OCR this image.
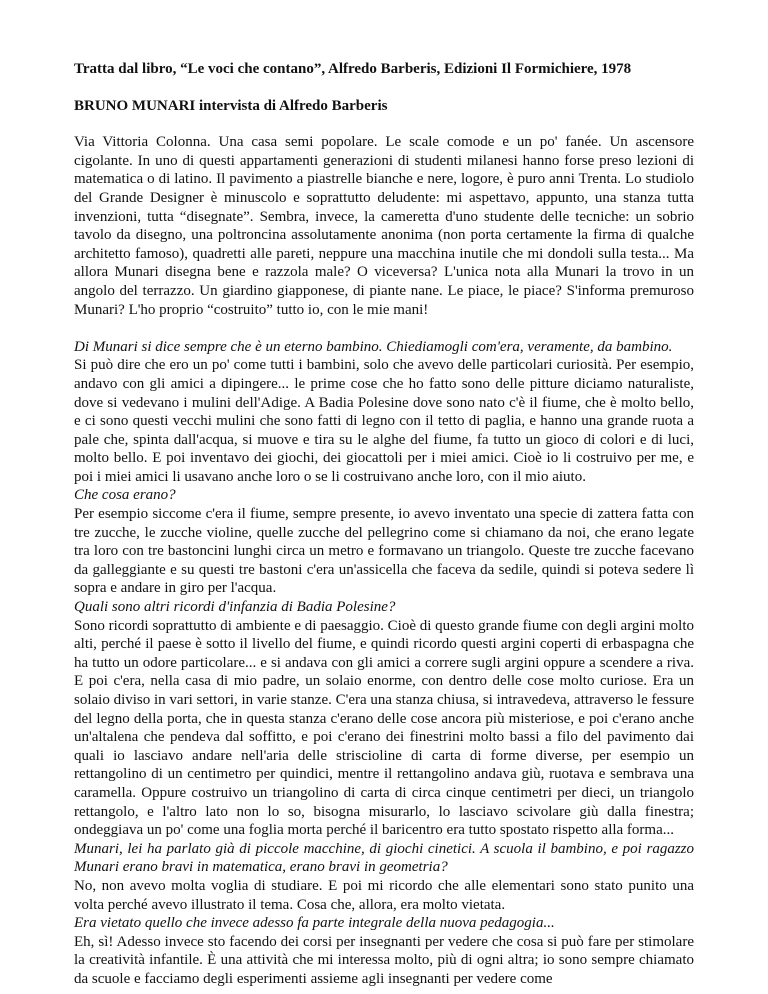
Tratta dal libro, “Le voci che contano”, Alfredo Barberis, Edizioni Il Formichiere, 1978

BRUNO MUNARI intervista di Alfredo Barberis

Via Vittoria Colonna. Una casa semi popolare. Le scale comode e un po' fanée. Un ascensore cigolante. In uno di questi appartamenti generazioni di studenti milanesi hanno forse preso lezioni di matematica o di latino. Il pavimento a piastrelle bianche e nere, logore, è puro anni Trenta. Lo studiolo del Grande Designer è minuscolo e soprattutto deludente: mi aspettavo, appunto, una stanza tutta invenzioni, tutta “disegnate”. Sembra, invece, la cameretta d'uno studente delle tecniche: un sobrio tavolo da disegno, una poltroncina assolutamente anonima (non porta certamente la firma di qualche architetto famoso), quadretti alle pareti, neppure una macchina inutile che mi dondoli sulla testa... Ma allora Munari disegna bene e razzola male? O viceversa? L'unica nota alla Munari la trovo in un angolo del terrazzo. Un giardino giapponese, di piante nane. Le piace, le piace? S'informa premuroso Munari? L'ho proprio “costruito” tutto io, con le mie mani!

Di Munari si dice sempre che è un eterno bambino. Chiediamogli com'era, veramente, da bambino.

Si può dire che ero un po' come tutti i bambini, solo che avevo delle particolari curiosità. Per esempio, andavo con gli amici a dipingere... le prime cose che ho fatto sono delle pitture diciamo naturaliste, dove si vedevano i mulini dell'Adige. A Badia Polesine dove sono nato c'è il fiume, che è molto bello, e ci sono questi vecchi mulini che sono fatti di legno con il tetto di paglia, e hanno una grande ruota a pale che, spinta dall'acqua, si muove e tira su le alghe del fiume, fa tutto un gioco di colori e di luci, molto bello. E poi inventavo dei giochi, dei giocattoli per i miei amici. Cioè io li costruivo per me, e poi i miei amici li usavano anche loro o se li costruivano anche loro, con il mio aiuto.

Che cosa erano?

Per esempio siccome c'era il fiume, sempre presente, io avevo inventato una specie di zattera fatta con tre zucche, le zucche violine, quelle zucche del pellegrino come si chiamano da noi, che erano legate tra loro con tre bastoncini lunghi circa un metro e formavano un triangolo. Queste tre zucche facevano da galleggiante e su questi tre bastoni c'era un'assicella che faceva da sedile, quindi si poteva sedere lì sopra e andare in giro per l'acqua.

Quali sono altri ricordi d'infanzia di Badia Polesine?

Sono ricordi soprattutto di ambiente e di paesaggio. Cioè di questo grande fiume con degli argini molto alti, perché il paese è sotto il livello del fiume, e quindi ricordo questi argini coperti di erbaspagna che ha tutto un odore particolare... e si andava con gli amici a correre sugli argini oppure a scendere a riva. E poi c'era, nella casa di mio padre, un solaio enorme, con dentro delle cose molto curiose. Era un solaio diviso in vari settori, in varie stanze. C'era una stanza chiusa, si intravedeva, attraverso le fessure del legno della porta, che in questa stanza c'erano delle cose ancora più misteriose, e poi c'erano anche un'altalena che pendeva dal soffitto, e poi c'erano dei finestrini molto bassi a filo del pavimento dai quali io lasciavo andare nell'aria delle striscioline di carta di forme diverse, per esempio un rettangolino di un centimetro per quindici, mentre il rettangolino andava giù, ruotava e sembrava una caramella. Oppure costruivo un triangolino di carta di circa cinque centimetri per dieci, un triangolo rettangolo, e l'altro lato non lo so, bisogna misurarlo, lo lasciavo scivolare giù dalla finestra; ondeggiava un po' come una foglia morta perché il baricentro era tutto spostato rispetto alla forma...

Munari, lei ha parlato già di piccole macchine, di giochi cinetici. A scuola il bambino, e poi ragazzo Munari erano bravi in matematica, erano bravi in geometria?

No, non avevo molta voglia di studiare. E poi mi ricordo che alle elementari sono stato punito una volta perché avevo illustrato il tema. Cosa che, allora, era molto vietata.

Era vietato quello che invece adesso fa parte integrale della nuova pedagogia...

Eh, sì! Adesso invece sto facendo dei corsi per insegnanti per vedere che cosa si può fare per stimolare la creatività infantile. È una attività che mi interessa molto, più di ogni altra; io sono sempre chiamato da scuole e facciamo degli esperimenti assieme agli insegnanti per vedere come
